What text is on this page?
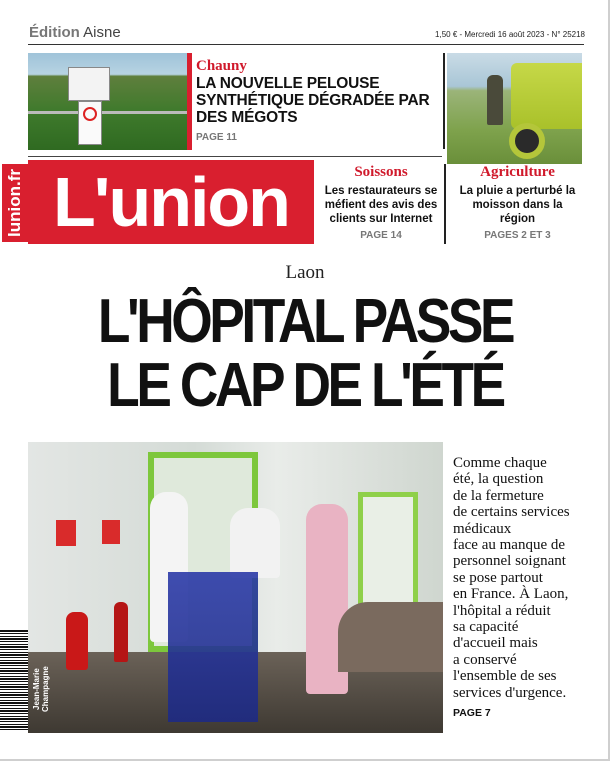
Édition Aisne	1,50 € - Mercredi 16 août 2023 - N° 25218
Chauny
LA NOUVELLE PELOUSE SYNTHÉTIQUE DÉGRADÉE PAR DES MÉGOTS
PAGE 11
lunion.fr L'union	Soissons
Les restaurateurs se méfient des avis des clients sur Internet
PAGE 14
Agriculture
La pluie a perturbé la moisson dans la région
PAGES 2 ET 3
Laon
L'HÔPITAL PASSE
LE CAP DE L'ÉTÉ
Jean-Marie Champagne
Comme chaque
été, la question
de la fermeture
de certains services
médicaux
face au manque de
personnel soignant
se pose partout
en France. À Laon,
l'hôpital a réduit
sa capacité
d'accueil mais
a conservé
l'ensemble de ses
services d'urgence.
PAGE 7
